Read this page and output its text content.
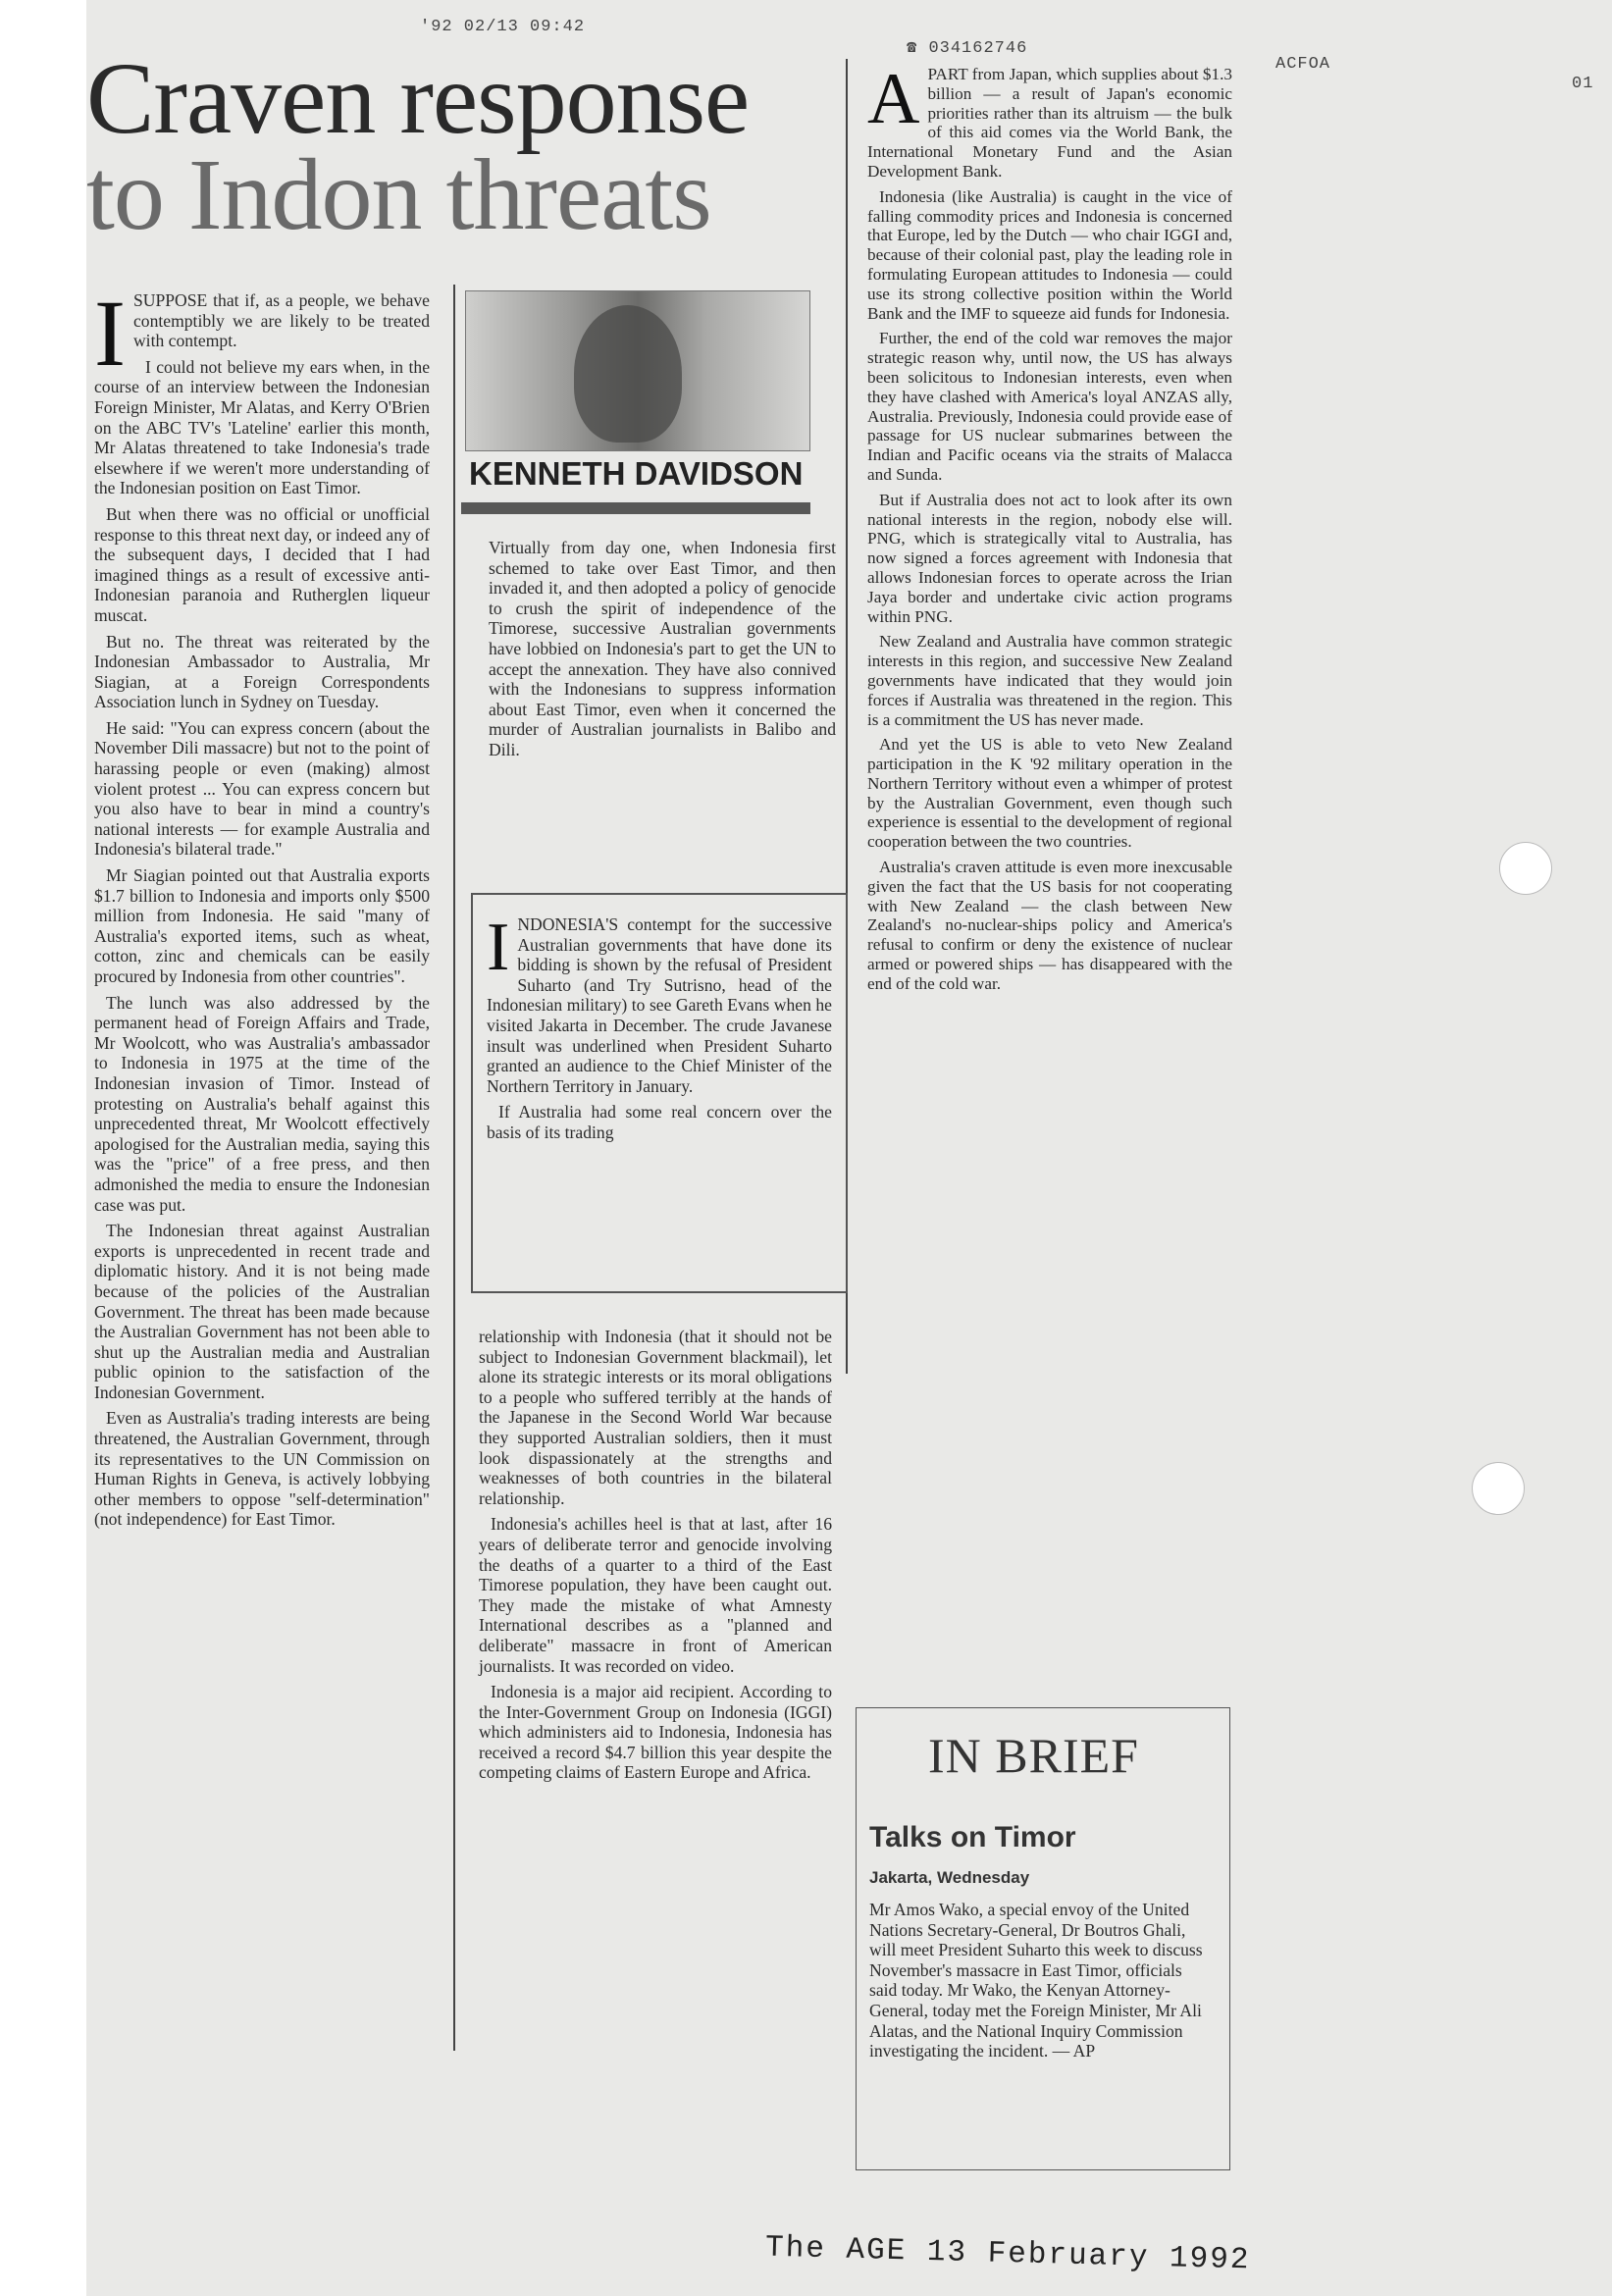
'92 02/13 09:42
☎ 034162746
ACFOA
01
Craven response
to Indon threats
KENNETH DAVIDSON
I SUPPOSE that if, as a people, we behave contemptibly we are likely to be treated with contempt.

I could not believe my ears when, in the course of an interview between the Indonesian Foreign Minister, Mr Alatas, and Kerry O'Brien on the ABC TV's 'Lateline' earlier this month, Mr Alatas threatened to take Indonesia's trade elsewhere if we weren't more understanding of the Indonesian position on East Timor.

But when there was no official or unofficial response to this threat next day, or indeed any of the subsequent days, I decided that I had imagined things as a result of excessive anti-Indonesian paranoia and Rutherglen liqueur muscat.

But no. The threat was reiterated by the Indonesian Ambassador to Australia, Mr Siagian, at a Foreign Correspondents Association lunch in Sydney on Tuesday.

He said: "You can express concern (about the November Dili massacre) but not to the point of harassing people or even (making) almost violent protest ... You can express concern but you also have to bear in mind a country's national interests — for example Australia and Indonesia's bilateral trade."

Mr Siagian pointed out that Australia exports $1.7 billion to Indonesia and imports only $500 million from Indonesia. He said "many of Australia's exported items, such as wheat, cotton, zinc and chemicals can be easily procured by Indonesia from other countries".

The lunch was also addressed by the permanent head of Foreign Affairs and Trade, Mr Woolcott, who was Australia's ambassador to Indonesia in 1975 at the time of the Indonesian invasion of Timor. Instead of protesting on Australia's behalf against this unprecedented threat, Mr Woolcott effectively apologised for the Australian media, saying this was the "price" of a free press, and then admonished the media to ensure the Indonesian case was put.

The Indonesian threat against Australian exports is unprecedented in recent trade and diplomatic history. And it is not being made because of the policies of the Australian Government. The threat has been made because the Australian Government has not been able to shut up the Australian media and Australian public opinion to the satisfaction of the Indonesian Government.

Even as Australia's trading interests are being threatened, the Australian Government, through its representatives to the UN Commission on Human Rights in Geneva, is actively lobbying other members to oppose "self-determination" (not independence) for East Timor.

Virtually from day one, when Indonesia first schemed to take over East Timor, and then invaded it, and then adopted a policy of genocide to crush the spirit of independence of the Timorese, successive Australian governments have lobbied on Indonesia's part to get the UN to accept the annexation. They have also connived with the Indonesians to suppress information about East Timor, even when it concerned the murder of Australian journalists in Balibo and Dili.

I NDONESIA'S contempt for the successive Australian governments that have done its bidding is shown by the refusal of President Suharto (and Try Sutrisno, head of the Indonesian military) to see Gareth Evans when he visited Jakarta in December. The crude Javanese insult was underlined when President Suharto granted an audience to the Chief Minister of the Northern Territory in January.

If Australia had some real concern over the basis of its trading

relationship with Indonesia (that it should not be subject to Indonesian Government blackmail), let alone its strategic interests or its moral obligations to a people who suffered terribly at the hands of the Japanese in the Second World War because they supported Australian soldiers, then it must look dispassionately at the strengths and weaknesses of both countries in the bilateral relationship.

Indonesia's achilles heel is that at last, after 16 years of deliberate terror and genocide involving the deaths of a quarter to a third of the East Timorese population, they have been caught out. They made the mistake of what Amnesty International describes as a "planned and deliberate" massacre in front of American journalists. It was recorded on video.

Indonesia is a major aid recipient. According to the Inter-Government Group on Indonesia (IGGI) which administers aid to Indonesia, Indonesia has received a record $4.7 billion this year despite the competing claims of Eastern Europe and Africa.

A PART from Japan, which supplies about $1.3 billion — a result of Japan's economic priorities rather than its altruism — the bulk of this aid comes via the World Bank, the International Monetary Fund and the Asian Development Bank.

Indonesia (like Australia) is caught in the vice of falling commodity prices and Indonesia is concerned that Europe, led by the Dutch — who chair IGGI and, because of their colonial past, play the leading role in formulating European attitudes to Indonesia — could use its strong collective position within the World Bank and the IMF to squeeze aid funds for Indonesia.

Further, the end of the cold war removes the major strategic reason why, until now, the US has always been solicitous to Indonesian interests, even when they have clashed with America's loyal ANZAS ally, Australia. Previously, Indonesia could provide ease of passage for US nuclear submarines between the Indian and Pacific oceans via the straits of Malacca and Sunda.

But if Australia does not act to look after its own national interests in the region, nobody else will. PNG, which is strategically vital to Australia, has now signed a forces agreement with Indonesia that allows Indonesian forces to operate across the Irian Jaya border and undertake civic action programs within PNG.

New Zealand and Australia have common strategic interests in this region, and successive New Zealand governments have indicated that they would join forces if Australia was threatened in the region. This is a commitment the US has never made.

And yet the US is able to veto New Zealand participation in the K '92 military operation in the Northern Territory without even a whimper of protest by the Australian Government, even though such experience is essential to the development of regional cooperation between the two countries.

Australia's craven attitude is even more inexcusable given the fact that the US basis for not cooperating with New Zealand — the clash between New Zealand's no-nuclear-ships policy and America's refusal to confirm or deny the existence of nuclear armed or powered ships — has disappeared with the end of the cold war.

IN BRIEF
Talks on Timor
Jakarta, Wednesday

Mr Amos Wako, a special envoy of the United Nations Secretary-General, Dr Boutros Ghali, will meet President Suharto this week to discuss November's massacre in East Timor, officials said today. Mr Wako, the Kenyan Attorney-General, today met the Foreign Minister, Mr Ali Alatas, and the National Inquiry Commission investigating the incident. — AP

The AGE 13 February 1992
